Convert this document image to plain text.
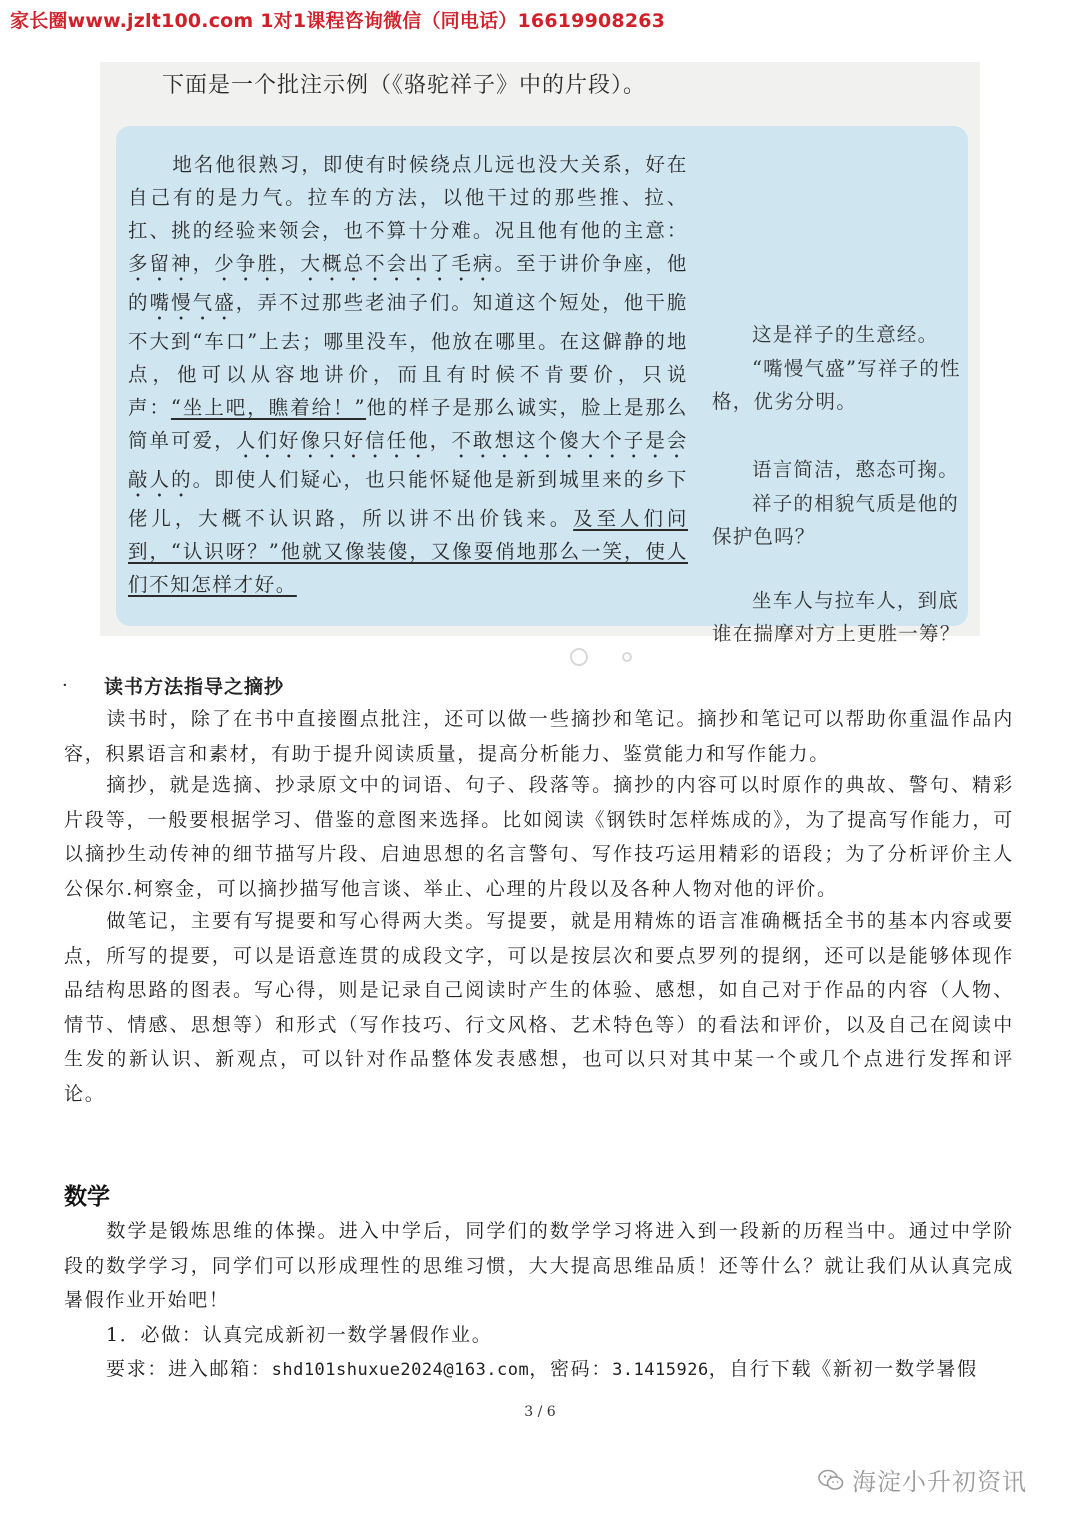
家长圈www.jzlt100.com 1对1课程咨询微信（同电话）16619908263
下面是一个批注示例（《骆驼祥子》中的片段）。
地名他很熟习，即使有时候绕点儿远也没大关系，好在自己有的是力气。拉车的方法，以他干过的那些推、拉、扛、挑的经验来领会，也不算十分难。况且他有他的主意：多留神，少争胜，大概总不会出了毛病。至于讲价争座，他的嘴慢气盛，弄不过那些老油子们。知道这个短处，他干脆不大到“车口”上去；哪里没车，他放在哪里。在这僻静的地点，他可以从容地讲价，而且有时候不肯要价，只说声：“坐上吧，瞧着给！”他的样子是那么诚实，脸上是那么简单可爱，人们好像只好信任他，不敢想这个傻大个子是会敲人的。即使人们疑心，也只能怀疑他是新到城里来的乡下佬儿，大概不认识路，所以讲不出价钱来。及至人们问到，“认识呀？”他就又像装傻，又像耍俏地那么一笑，使人们不知怎样才好。
这是祥子的生意经。
“嘴慢气盛”写祥子的性格，优劣分明。
语言简洁，憨态可掬。
祥子的相貌气质是他的保护色吗？
坐车人与拉车人，到底谁在揣摩对方上更胜一筹？
· 读书方法指导之摘抄
读书时，除了在书中直接圈点批注，还可以做一些摘抄和笔记。摘抄和笔记可以帮助你重温作品内容，积累语言和素材，有助于提升阅读质量，提高分析能力、鉴赏能力和写作能力。
摘抄，就是选摘、抄录原文中的词语、句子、段落等。摘抄的内容可以时原作的典故、警句、精彩片段等，一般要根据学习、借鉴的意图来选择。比如阅读《钢铁时怎样炼成的》，为了提高写作能力，可以摘抄生动传神的细节描写片段、启迪思想的名言警句、写作技巧运用精彩的语段；为了分析评价主人公保尔.柯察金，可以摘抄描写他言谈、举止、心理的片段以及各种人物对他的评价。
做笔记，主要有写提要和写心得两大类。写提要，就是用精炼的语言准确概括全书的基本内容或要点，所写的提要，可以是语意连贯的成段文字，可以是按层次和要点罗列的提纲，还可以是能够体现作品结构思路的图表。写心得，则是记录自己阅读时产生的体验、感想，如自己对于作品的内容（人物、情节、情感、思想等）和形式（写作技巧、行文风格、艺术特色等）的看法和评价，以及自己在阅读中生发的新认识、新观点，可以针对作品整体发表感想，也可以只对其中某一个或几个点进行发挥和评论。
数学
数学是锻炼思维的体操。进入中学后，同学们的数学学习将进入到一段新的历程当中。通过中学阶段的数学学习，同学们可以形成理性的思维习惯，大大提高思维品质！还等什么？就让我们从认真完成暑假作业开始吧！
1．必做：认真完成新初一数学暑假作业。
要求：进入邮箱：shd101shuxue2024@163.com，密码：3.1415926，自行下载《新初一数学暑假
3 / 6
海淀小升初资讯
